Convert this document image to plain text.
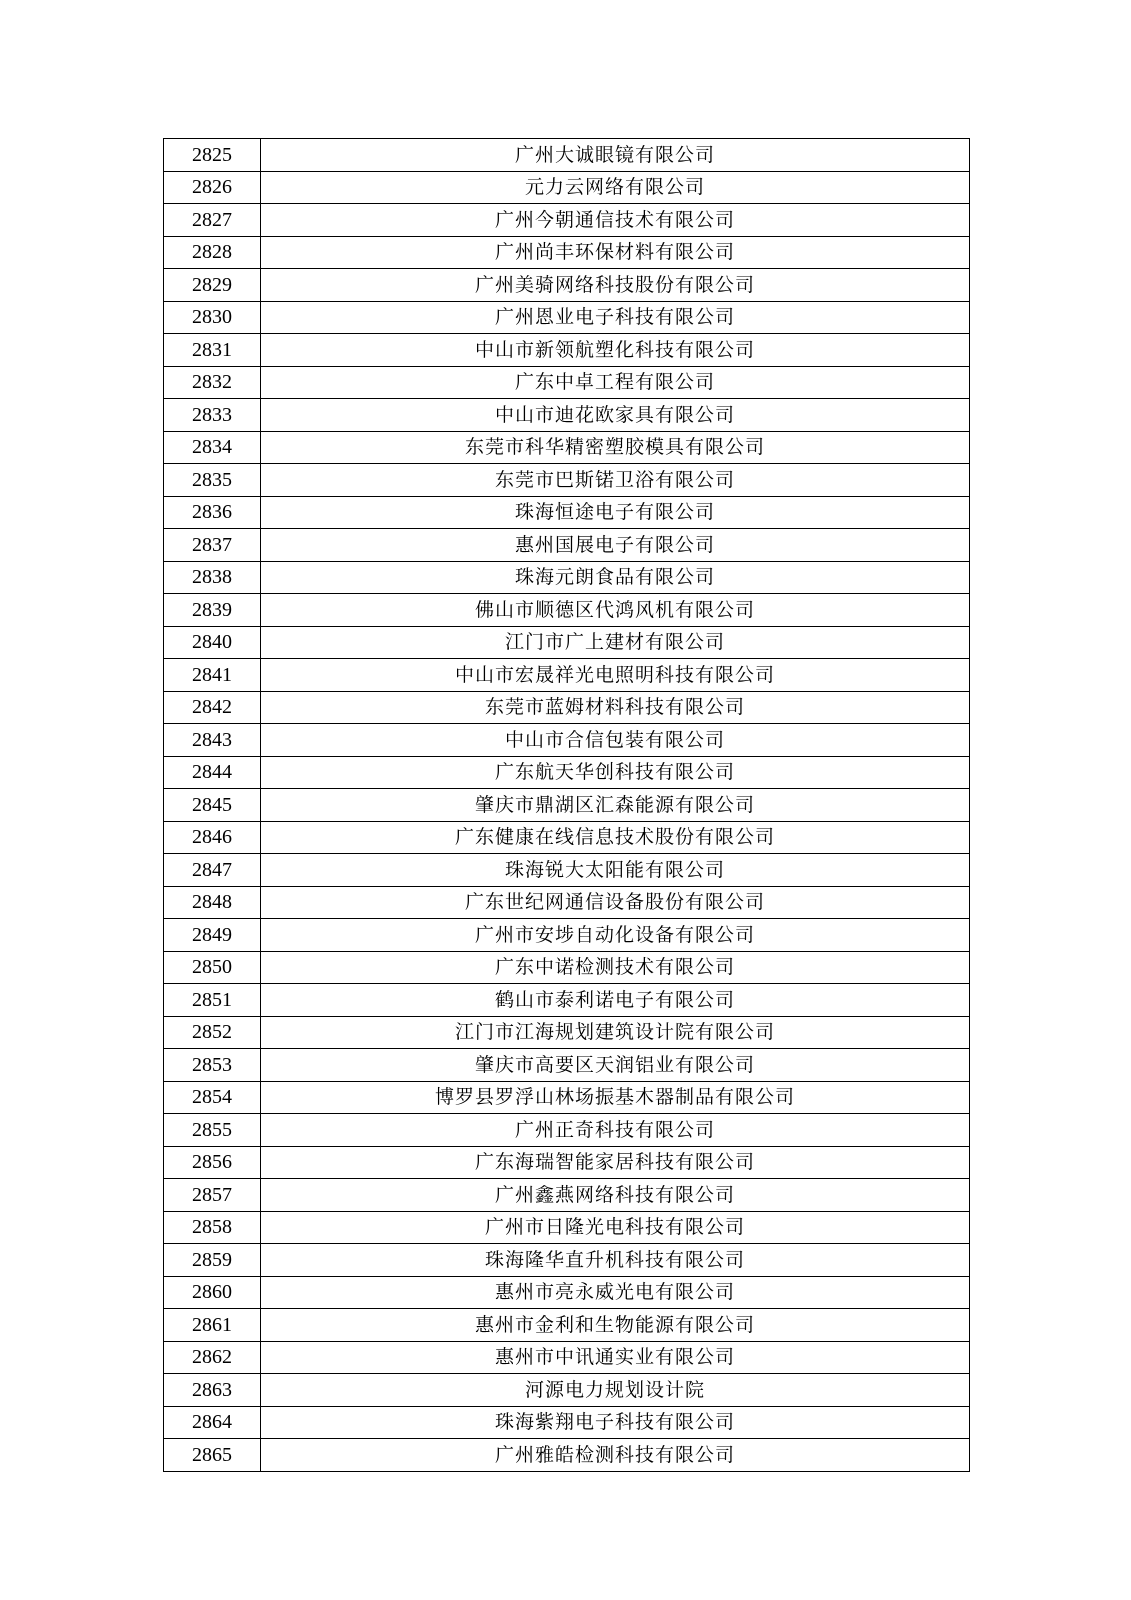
2825	广州大诚眼镜有限公司
2826	元力云网络有限公司
2827	广州今朝通信技术有限公司
2828	广州尚丰环保材料有限公司
2829	广州美骑网络科技股份有限公司
2830	广州恩业电子科技有限公司
2831	中山市新领航塑化科技有限公司
2832	广东中卓工程有限公司
2833	中山市迪花欧家具有限公司
2834	东莞市科华精密塑胶模具有限公司
2835	东莞市巴斯锘卫浴有限公司
2836	珠海恒途电子有限公司
2837	惠州国展电子有限公司
2838	珠海元朗食品有限公司
2839	佛山市顺德区代鸿风机有限公司
2840	江门市广上建材有限公司
2841	中山市宏晟祥光电照明科技有限公司
2842	东莞市蓝姆材料科技有限公司
2843	中山市合信包装有限公司
2844	广东航天华创科技有限公司
2845	肇庆市鼎湖区汇森能源有限公司
2846	广东健康在线信息技术股份有限公司
2847	珠海锐大太阳能有限公司
2848	广东世纪网通信设备股份有限公司
2849	广州市安埗自动化设备有限公司
2850	广东中诺检测技术有限公司
2851	鹤山市泰利诺电子有限公司
2852	江门市江海规划建筑设计院有限公司
2853	肇庆市高要区天润铝业有限公司
2854	博罗县罗浮山林场振基木器制品有限公司
2855	广州正奇科技有限公司
2856	广东海瑞智能家居科技有限公司
2857	广州鑫燕网络科技有限公司
2858	广州市日隆光电科技有限公司
2859	珠海隆华直升机科技有限公司
2860	惠州市亮永威光电有限公司
2861	惠州市金利和生物能源有限公司
2862	惠州市中讯通实业有限公司
2863	河源电力规划设计院
2864	珠海紫翔电子科技有限公司
2865	广州雅皓检测科技有限公司
